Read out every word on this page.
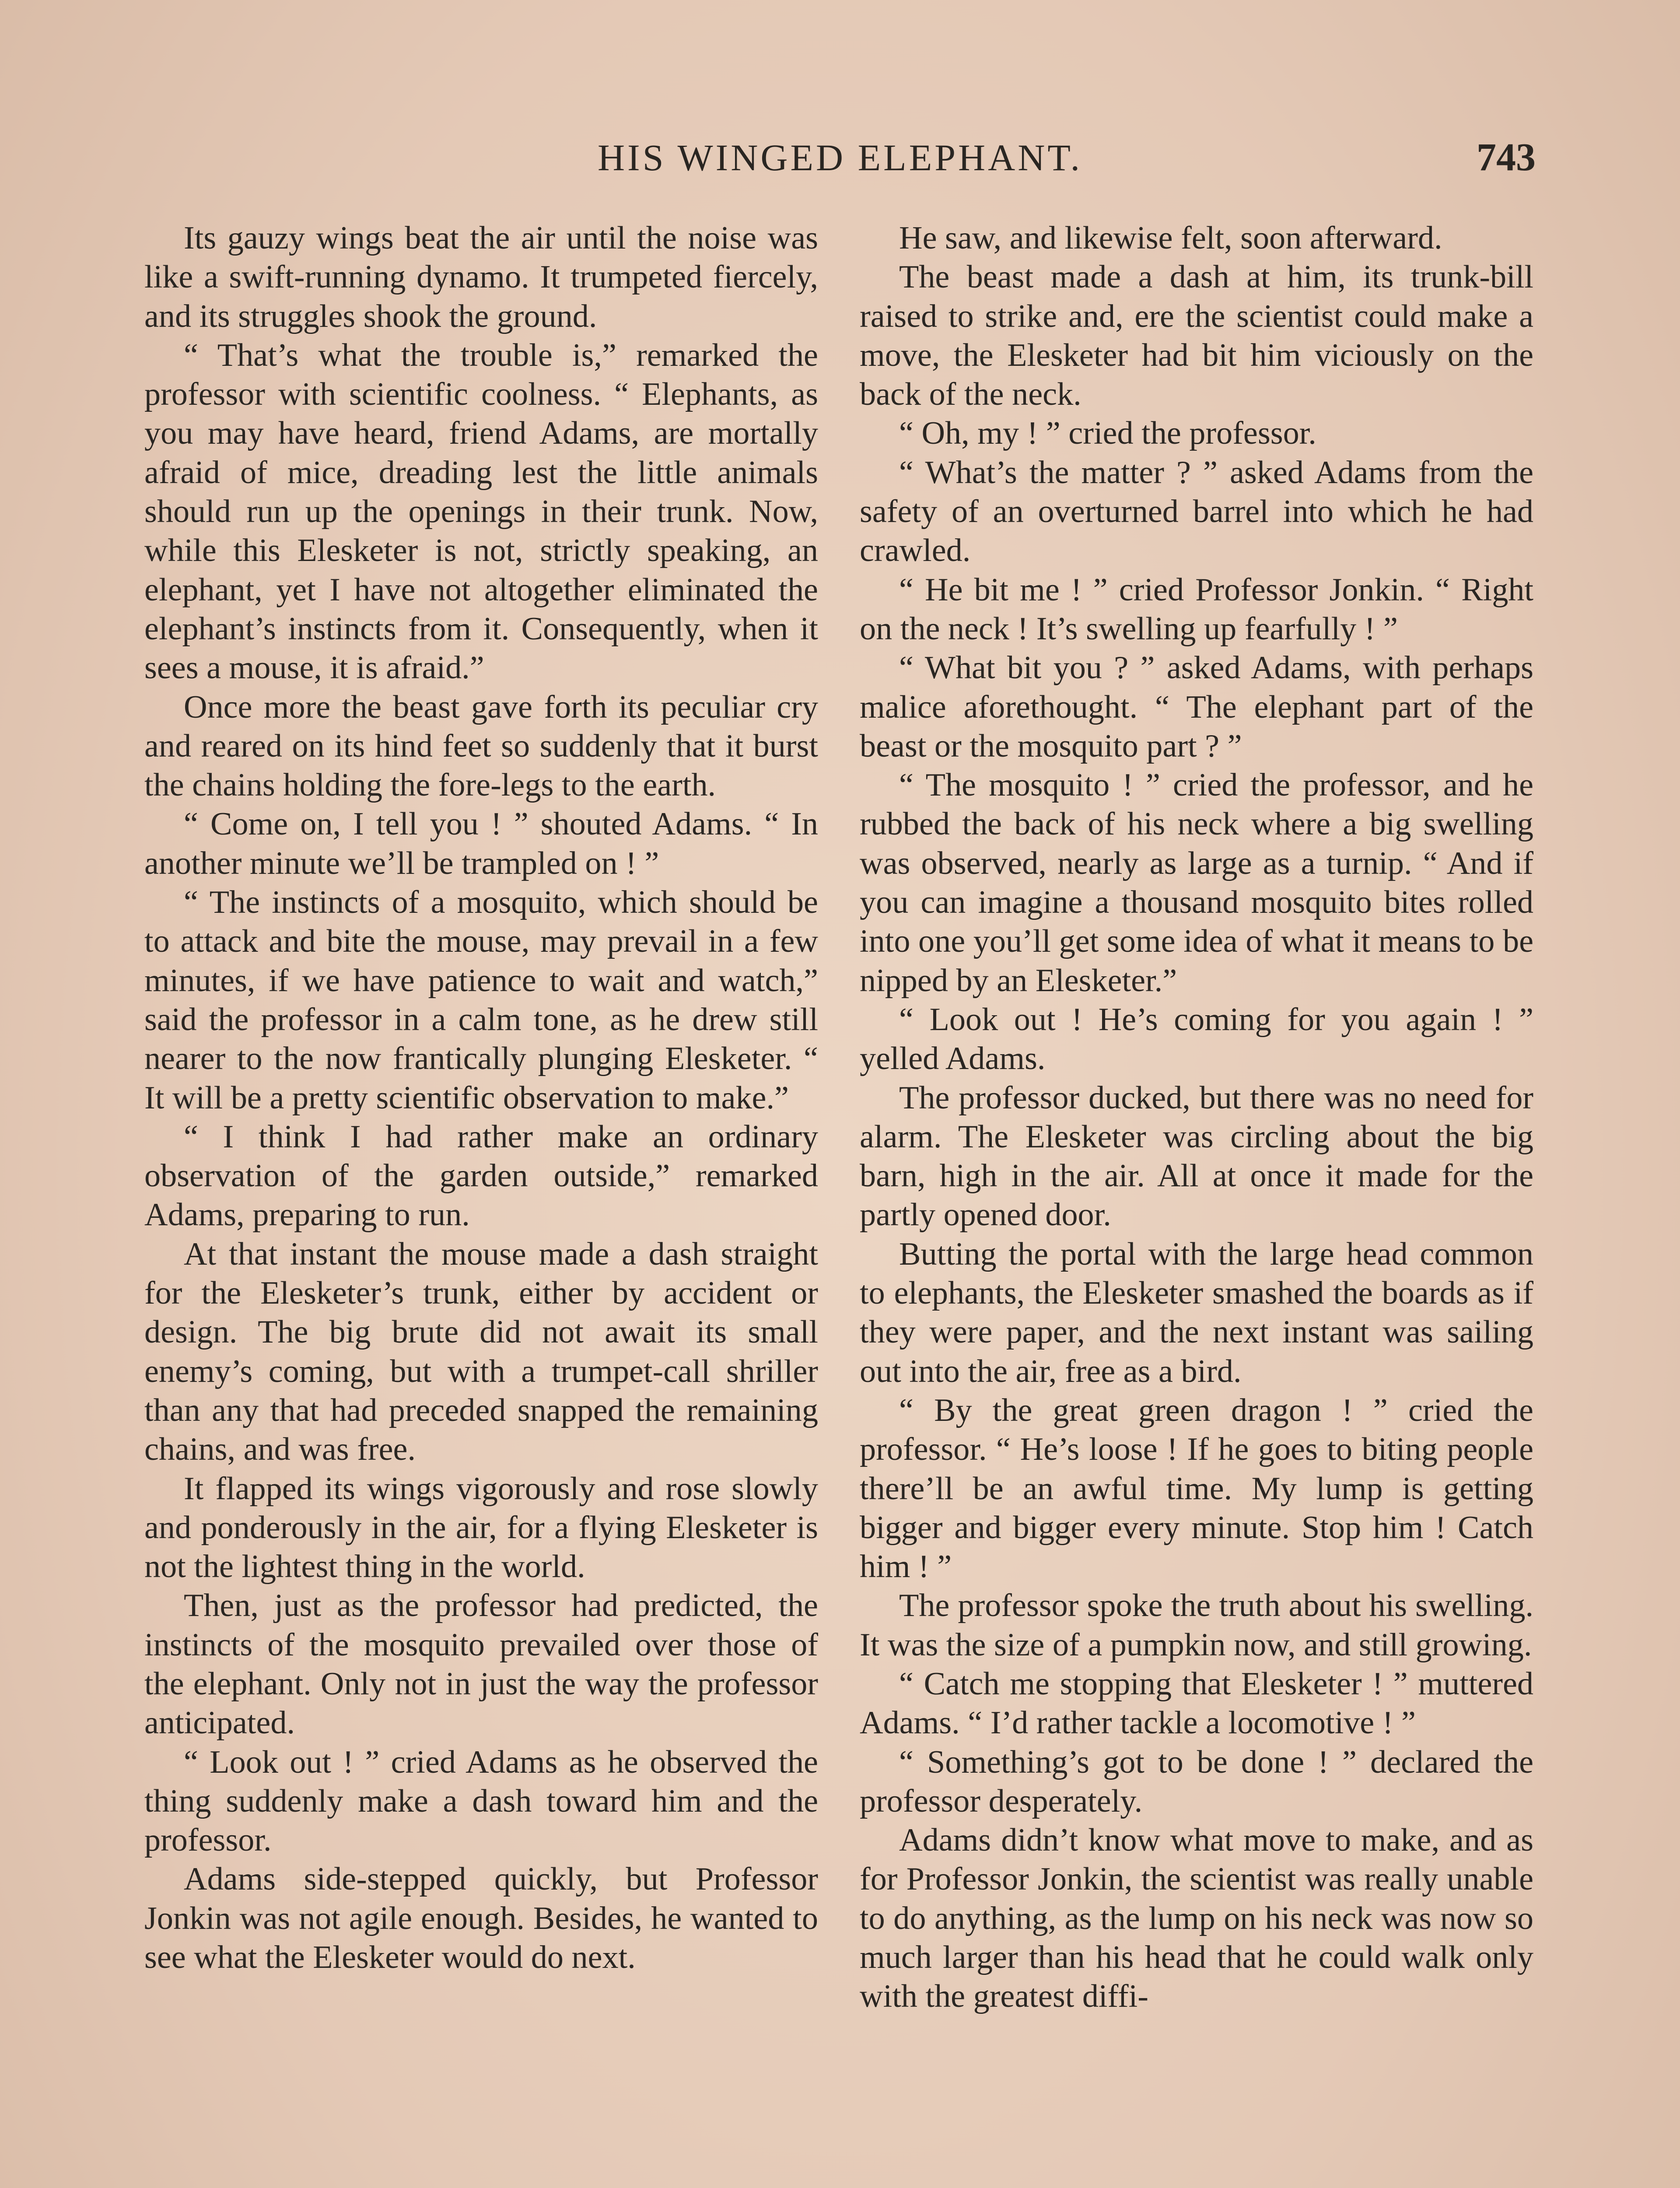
HIS WINGED ELEPHANT.	743

Its gauzy wings beat the air until the noise was like a swift-running dynamo. It trumpeted fiercely, and its struggles shook the ground.

“ That’s what the trouble is,” remarked the professor with scientific coolness. “ Elephants, as you may have heard, friend Adams, are mortally afraid of mice, dreading lest the little animals should run up the openings in their trunk. Now, while this Elesketer is not, strictly speaking, an elephant, yet I have not altogether eliminated the elephant’s instincts from it. Consequently, when it sees a mouse, it is afraid.”

Once more the beast gave forth its peculiar cry and reared on its hind feet so suddenly that it burst the chains holding the fore-legs to the earth.

“ Come on, I tell you ! ” shouted Adams. “ In another minute we’ll be trampled on ! ”

“ The instincts of a mosquito, which should be to attack and bite the mouse, may prevail in a few minutes, if we have patience to wait and watch,” said the professor in a calm tone, as he drew still nearer to the now frantically plunging Elesketer. “ It will be a pretty scientific observation to make.”

“ I think I had rather make an ordinary observation of the garden outside,” remarked Adams, preparing to run.

At that instant the mouse made a dash straight for the Elesketer’s trunk, either by accident or design. The big brute did not await its small enemy’s coming, but with a trumpet-call shriller than any that had preceded snapped the remaining chains, and was free.

It flapped its wings vigorously and rose slowly and ponderously in the air, for a flying Elesketer is not the lightest thing in the world.

Then, just as the professor had predicted, the instincts of the mosquito prevailed over those of the elephant. Only not in just the way the professor anticipated.

“ Look out ! ” cried Adams as he observed the thing suddenly make a dash toward him and the professor.

Adams side-stepped quickly, but Professor Jonkin was not agile enough. Besides, he wanted to see what the Elesketer would do next.

He saw, and likewise felt, soon afterward.

The beast made a dash at him, its trunk-bill raised to strike and, ere the scientist could make a move, the Elesketer had bit him viciously on the back of the neck.

“ Oh, my ! ” cried the professor.

“ What’s the matter ? ” asked Adams from the safety of an overturned barrel into which he had crawled.

“ He bit me ! ” cried Professor Jonkin. “ Right on the neck ! It’s swelling up fearfully ! ”

“ What bit you ? ” asked Adams, with perhaps malice aforethought. “ The elephant part of the beast or the mosquito part ? ”

“ The mosquito ! ” cried the professor, and he rubbed the back of his neck where a big swelling was observed, nearly as large as a turnip. “ And if you can imagine a thousand mosquito bites rolled into one you’ll get some idea of what it means to be nipped by an Elesketer.”

“ Look out ! He’s coming for you again ! ” yelled Adams.

The professor ducked, but there was no need for alarm. The Elesketer was circling about the big barn, high in the air. All at once it made for the partly opened door.

Butting the portal with the large head common to elephants, the Elesketer smashed the boards as if they were paper, and the next instant was sailing out into the air, free as a bird.

“ By the great green dragon ! ” cried the professor. “ He’s loose ! If he goes to biting people there’ll be an awful time. My lump is getting bigger and bigger every minute. Stop him ! Catch him ! ”

The professor spoke the truth about his swelling. It was the size of a pumpkin now, and still growing.

“ Catch me stopping that Elesketer ! ” muttered Adams. “ I’d rather tackle a locomotive ! ”

“ Something’s got to be done ! ” declared the professor desperately.

Adams didn’t know what move to make, and as for Professor Jonkin, the scientist was really unable to do anything, as the lump on his neck was now so much larger than his head that he could walk only with the greatest diffi-
